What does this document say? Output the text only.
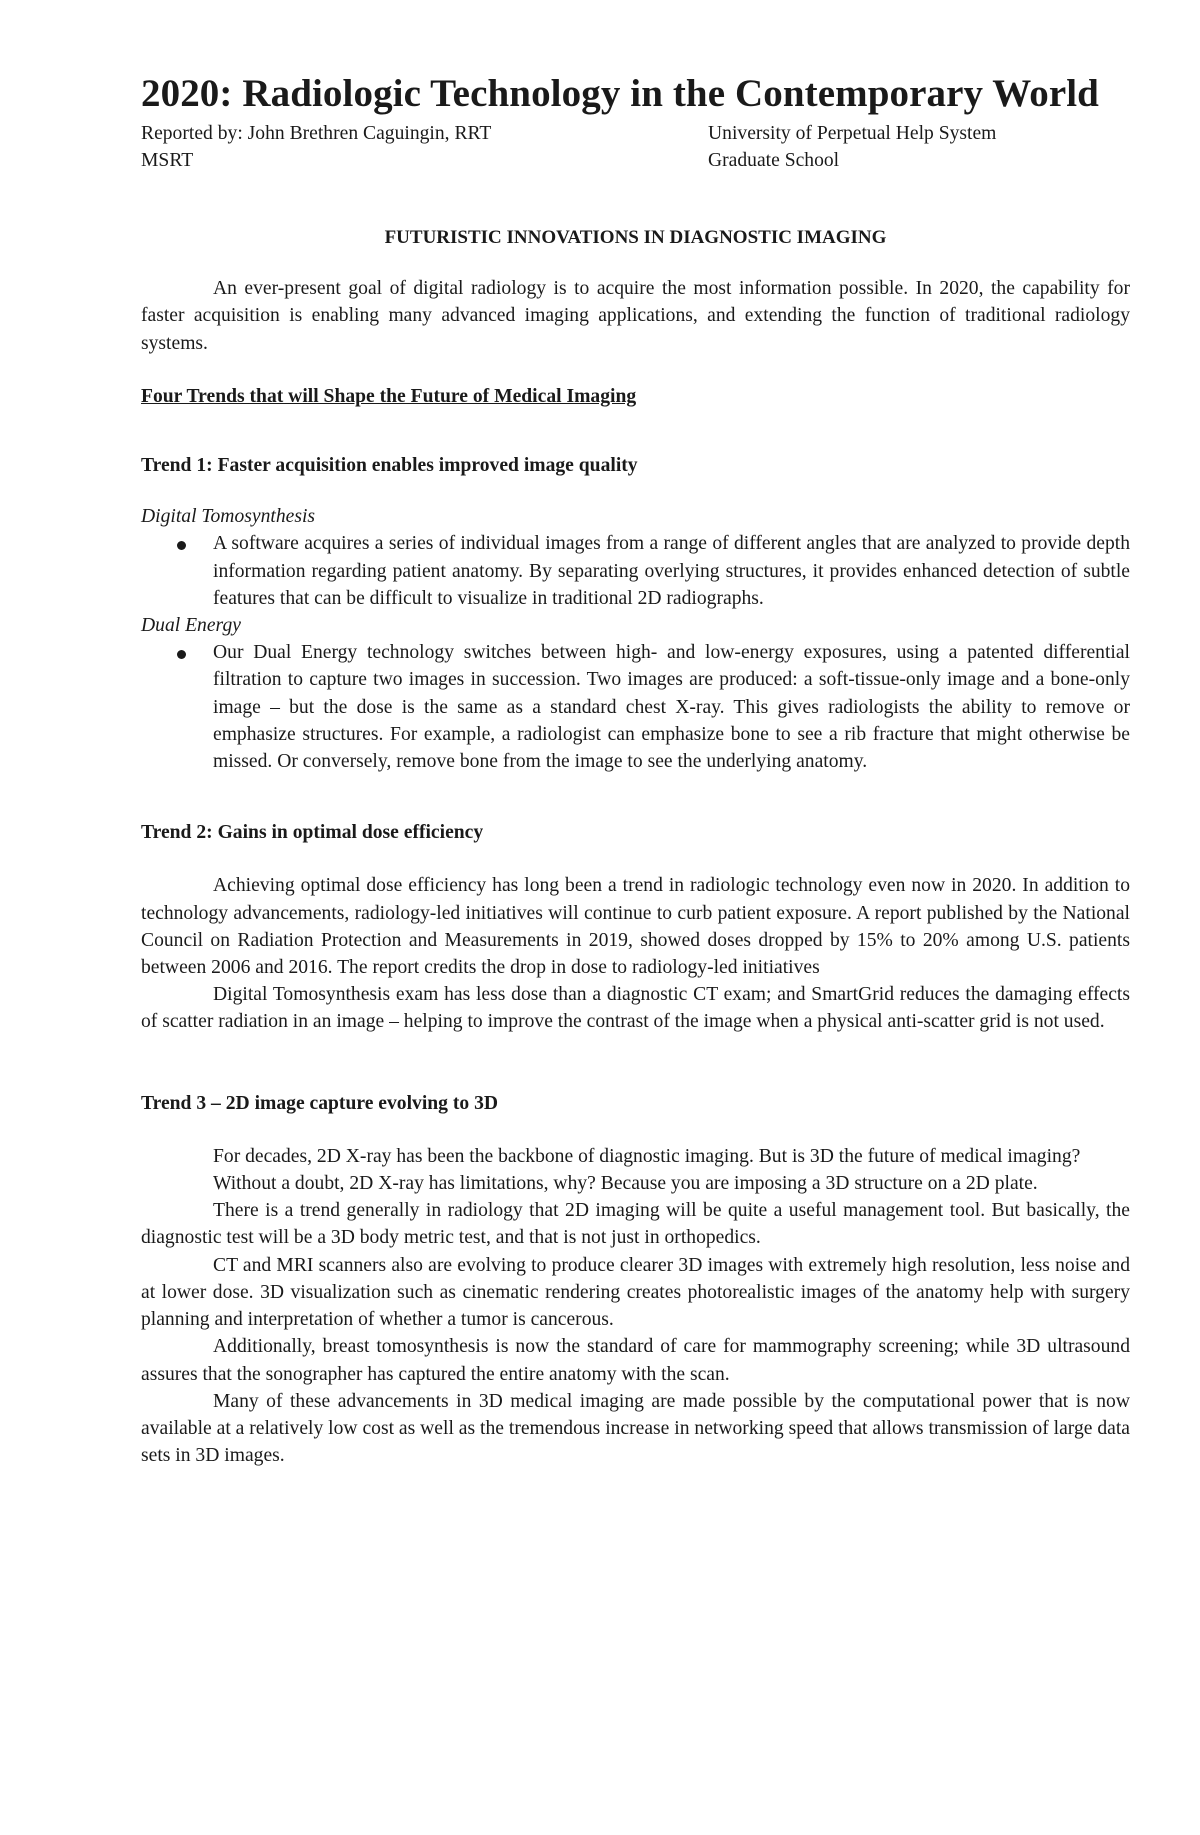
2020: Radiologic Technology in the Contemporary World
Reported by: John Brethren Caguingin, RRT
MSRT
University of Perpetual Help System
Graduate School
FUTURISTIC INNOVATIONS IN DIAGNOSTIC IMAGING

An ever-present goal of digital radiology is to acquire the most information possible. In 2020, the capability for faster acquisition is enabling many advanced imaging applications, and extending the function of traditional radiology systems.

Four Trends that will Shape the Future of Medical Imaging
Trend 1: Faster acquisition enables improved image quality
Digital Tomosynthesis
A software acquires a series of individual images from a range of different angles that are analyzed to provide depth information regarding patient anatomy. By separating overlying structures, it provides enhanced detection of subtle features that can be difficult to visualize in traditional 2D radiographs.
Dual Energy
Our Dual Energy technology switches between high- and low-energy exposures, using a patented differential filtration to capture two images in succession. Two images are produced: a soft-tissue-only image and a bone-only image – but the dose is the same as a standard chest X-ray. This gives radiologists the ability to remove or emphasize structures. For example, a radiologist can emphasize bone to see a rib fracture that might otherwise be missed. Or conversely, remove bone from the image to see the underlying anatomy.
Trend 2: Gains in optimal dose efficiency

Achieving optimal dose efficiency has long been a trend in radiologic technology even now in 2020. In addition to technology advancements, radiology-led initiatives will continue to curb patient exposure. A report published by the National Council on Radiation Protection and Measurements in 2019, showed doses dropped by 15% to 20% among U.S. patients between 2006 and 2016. The report credits the drop in dose to radiology-led initiatives

Digital Tomosynthesis exam has less dose than a diagnostic CT exam; and SmartGrid reduces the damaging effects of scatter radiation in an image – helping to improve the contrast of the image when a physical anti-scatter grid is not used.

Trend 3 – 2D image capture evolving to 3D

For decades, 2D X-ray has been the backbone of diagnostic imaging. But is 3D the future of medical imaging?

Without a doubt, 2D X-ray has limitations, why? Because you are imposing a 3D structure on a 2D plate.

There is a trend generally in radiology that 2D imaging will be quite a useful management tool. But basically, the diagnostic test will be a 3D body metric test, and that is not just in orthopedics.

CT and MRI scanners also are evolving to produce clearer 3D images with extremely high resolution, less noise and at lower dose. 3D visualization such as cinematic rendering creates photorealistic images of the anatomy help with surgery planning and interpretation of whether a tumor is cancerous.

Additionally, breast tomosynthesis is now the standard of care for mammography screening; while 3D ultrasound assures that the sonographer has captured the entire anatomy with the scan.

Many of these advancements in 3D medical imaging are made possible by the computational power that is now available at a relatively low cost as well as the tremendous increase in networking speed that allows transmission of large data sets in 3D images.
